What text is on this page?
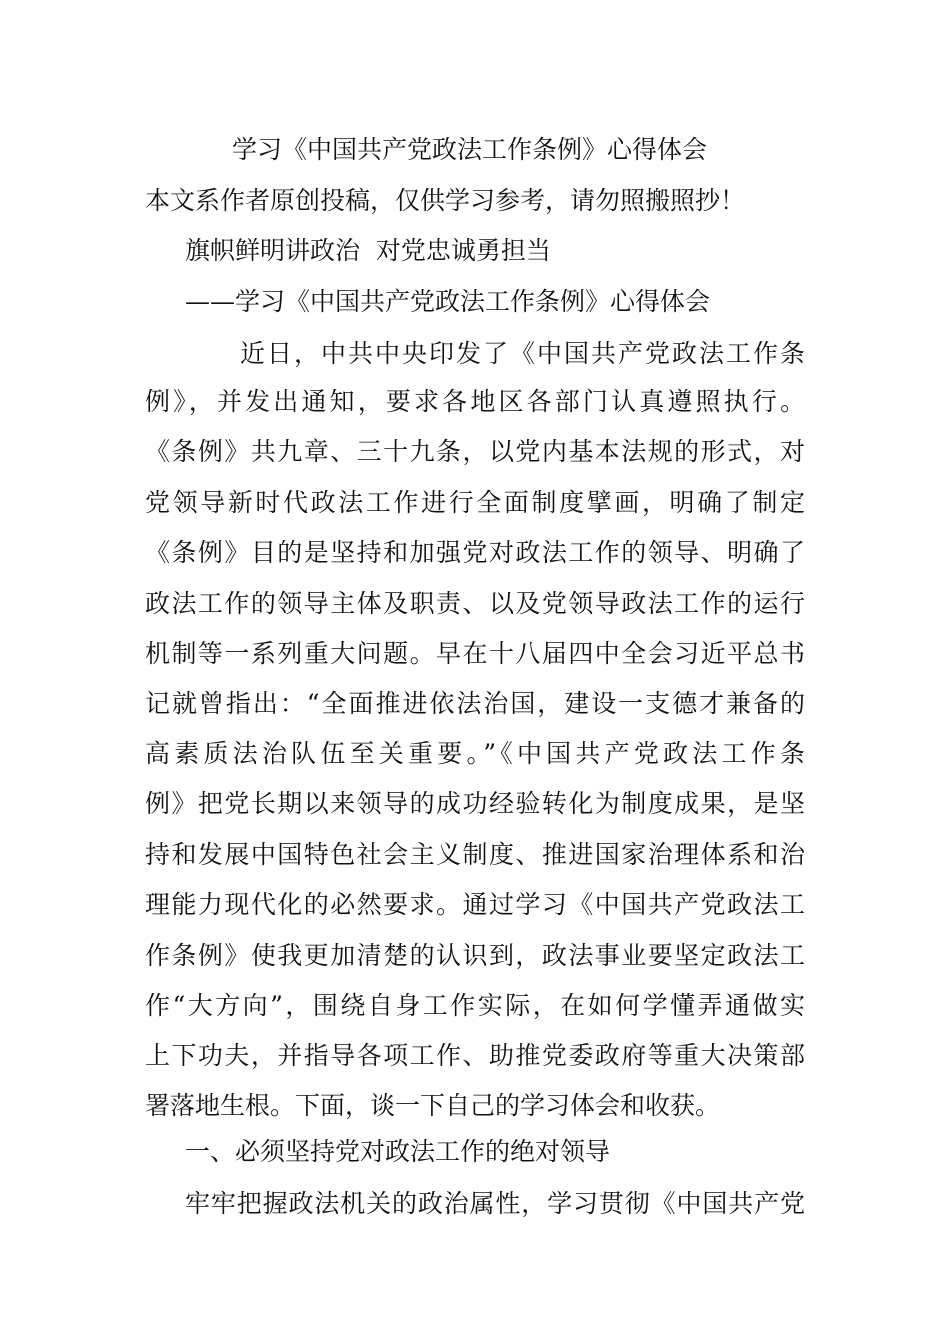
学习《中国共产党政法工作条例》心得体会
本文系作者原创投稿，仅供学习参考，请勿照搬照抄！
旗帜鲜明讲政治  对党忠诚勇担当
——学习《中国共产党政法工作条例》心得体会
近日，中共中央印发了《中国共产党政法工作条
例》，并发出通知，要求各地区各部门认真遵照执行。
《条例》共九章、三十九条，以党内基本法规的形式，对
党领导新时代政法工作进行全面制度擘画，明确了制定
《条例》目的是坚持和加强党对政法工作的领导、明确了
政法工作的领导主体及职责、以及党领导政法工作的运行
机制等一系列重大问题。早在十八届四中全会习近平总书
记就曾指出：“全面推进依法治国，建设一支德才兼备的
高素质法治队伍至关重要。”《中国共产党政法工作条
例》把党长期以来领导的成功经验转化为制度成果，是坚
持和发展中国特色社会主义制度、推进国家治理体系和治
理能力现代化的必然要求。通过学习《中国共产党政法工
作条例》使我更加清楚的认识到，政法事业要坚定政法工
作“大方向”，围绕自身工作实际，在如何学懂弄通做实
上下功夫，并指导各项工作、助推党委政府等重大决策部
署落地生根。下面，谈一下自己的学习体会和收获。
一、必须坚持党对政法工作的绝对领导
牢牢把握政法机关的政治属性，学习贯彻《中国共产党
